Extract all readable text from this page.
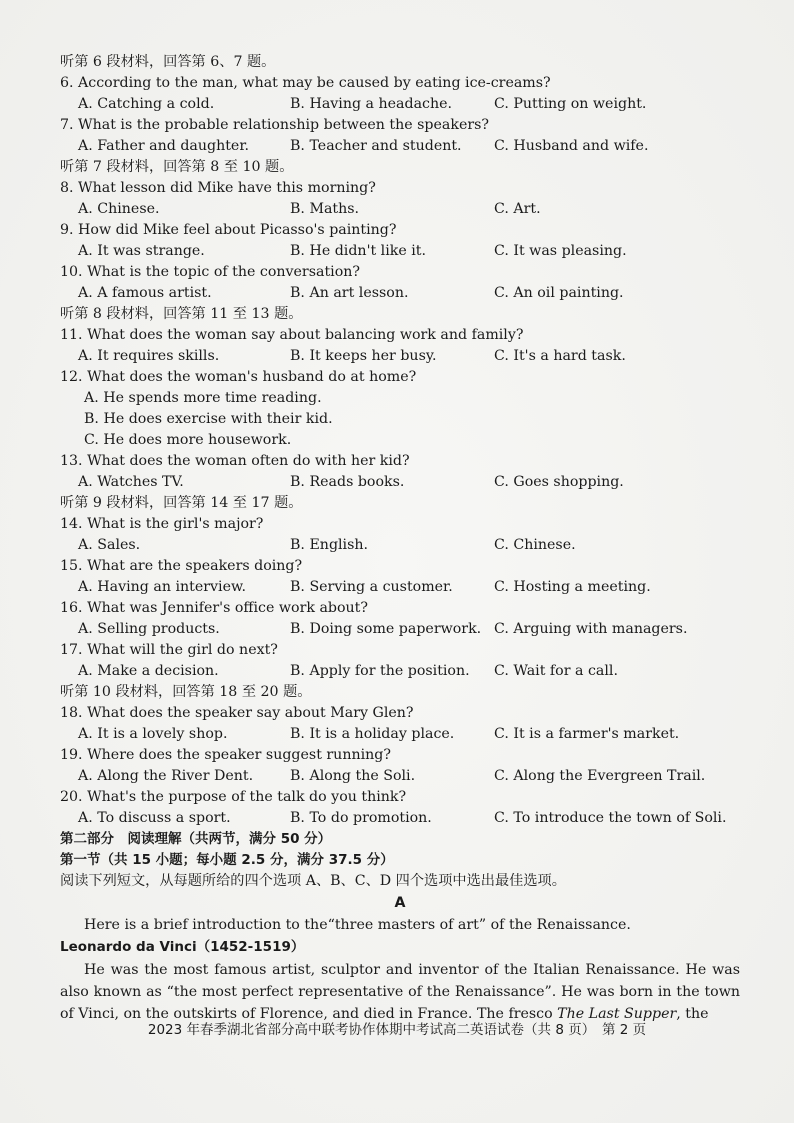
听第 6 段材料，回答第 6、7 题。
6. According to the man, what may be caused by eating ice-creams?
A. Catching a cold.	B. Having a headache.	C. Putting on weight.
7. What is the probable relationship between the speakers?
A. Father and daughter.	B. Teacher and student.	C. Husband and wife.
听第 7 段材料，回答第 8 至 10 题。
8. What lesson did Mike have this morning?
A. Chinese.	B. Maths.	C. Art.
9. How did Mike feel about Picasso's painting?
A. It was strange.	B. He didn't like it.	C. It was pleasing.
10. What is the topic of the conversation?
A. A famous artist.	B. An art lesson.	C. An oil painting.
听第 8 段材料，回答第 11 至 13 题。
11. What does the woman say about balancing work and family?
A. It requires skills.	B. It keeps her busy.	C. It's a hard task.
12. What does the woman's husband do at home?
A. He spends more time reading.
B. He does exercise with their kid.
C. He does more housework.
13. What does the woman often do with her kid?
A. Watches TV.	B. Reads books.	C. Goes shopping.
听第 9 段材料，回答第 14 至 17 题。
14. What is the girl's major?
A. Sales.	B. English.	C. Chinese.
15. What are the speakers doing?
A. Having an interview.	B. Serving a customer.	C. Hosting a meeting.
16. What was Jennifer's office work about?
A. Selling products.	B. Doing some paperwork. C. Arguing with managers.
17. What will the girl do next?
A. Make a decision.	B. Apply for the position.	C. Wait for a call.
听第 10 段材料，回答第 18 至 20 题。
18. What does the speaker say about Mary Glen?
A. It is a lovely shop.	B. It is a holiday place.	C. It is a farmer's market.
19. Where does the speaker suggest running?
A. Along the River Dent.	B. Along the Soli.	C. Along the Evergreen Trail.
20. What's the purpose of the talk do you think?
A. To discuss a sport.	B. To do promotion.	C. To introduce the town of Soli.
第二部分　阅读理解（共两节，满分 50 分）
第一节（共 15 小题；每小题 2.5 分，满分 37.5 分）
阅读下列短文，从每题所给的四个选项 A、B、C、D 四个选项中选出最佳选项。
A
Here is a brief introduction to the“three masters of art” of the Renaissance.
Leonardo da Vinci（1452-1519）

He was the most famous artist, sculptor and inventor of the Italian Renaissance. He was also known as “the most perfect representative of the Renaissance”. He was born in the town of Vinci, on the outskirts of Florence, and died in France. The fresco The Last Supper, the

2023 年春季湖北省部分高中联考协作体期中考试高二英语试卷（共 8 页）　第 2 页
